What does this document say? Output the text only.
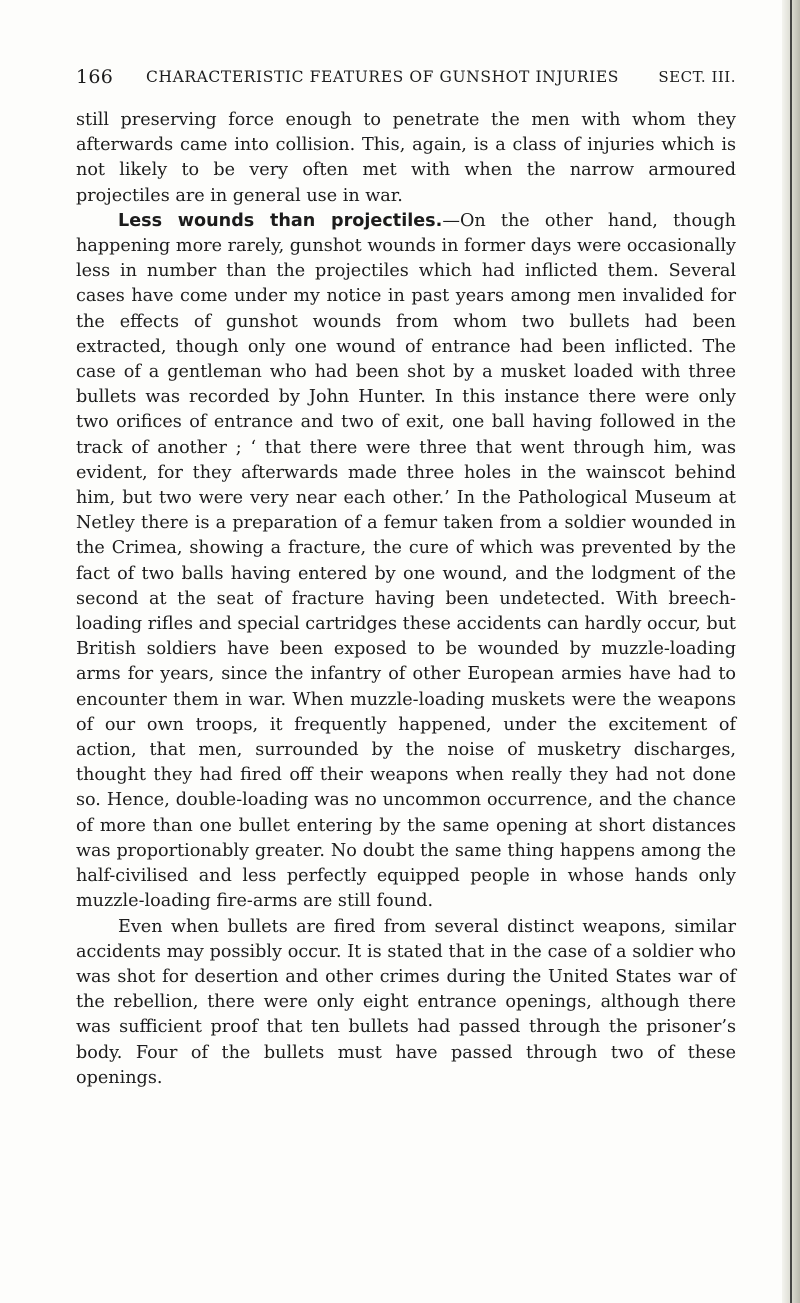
166 CHARACTERISTIC FEATURES OF GUNSHOT INJURIES	SECT. III.

still preserving force enough to penetrate the men with whom they afterwards came into collision. This, again, is a class of injuries which is not likely to be very often met with when the narrow armoured projectiles are in general use in war.

Less wounds than projectiles.—On the other hand, though happening more rarely, gunshot wounds in former days were occasionally less in number than the projectiles which had inflicted them. Several cases have come under my notice in past years among men invalided for the effects of gunshot wounds from whom two bullets had been extracted, though only one wound of entrance had been inflicted. The case of a gentleman who had been shot by a musket loaded with three bullets was recorded by John Hunter. In this instance there were only two orifices of entrance and two of exit, one ball having followed in the track of another ; ‘ that there were three that went through him, was evident, for they afterwards made three holes in the wainscot behind him, but two were very near each other.’ In the Pathological Museum at Netley there is a preparation of a femur taken from a soldier wounded in the Crimea, showing a fracture, the cure of which was prevented by the fact of two balls having entered by one wound, and the lodgment of the second at the seat of fracture having been undetected. With breech-loading rifles and special cartridges these accidents can hardly occur, but British soldiers have been exposed to be wounded by muzzle-loading arms for years, since the infantry of other European armies have had to encounter them in war. When muzzle-loading muskets were the weapons of our own troops, it frequently happened, under the excitement of action, that men, surrounded by the noise of musketry discharges, thought they had fired off their weapons when really they had not done so. Hence, double-loading was no uncommon occurrence, and the chance of more than one bullet entering by the same opening at short distances was proportionably greater. No doubt the same thing happens among the half-civilised and less perfectly equipped people in whose hands only muzzle-loading fire-arms are still found.

Even when bullets are fired from several distinct weapons, similar accidents may possibly occur. It is stated that in the case of a soldier who was shot for desertion and other crimes during the United States war of the rebellion, there were only eight entrance openings, although there was sufficient proof that ten bullets had passed through the prisoner’s body. Four of the bullets must have passed through two of these openings.
